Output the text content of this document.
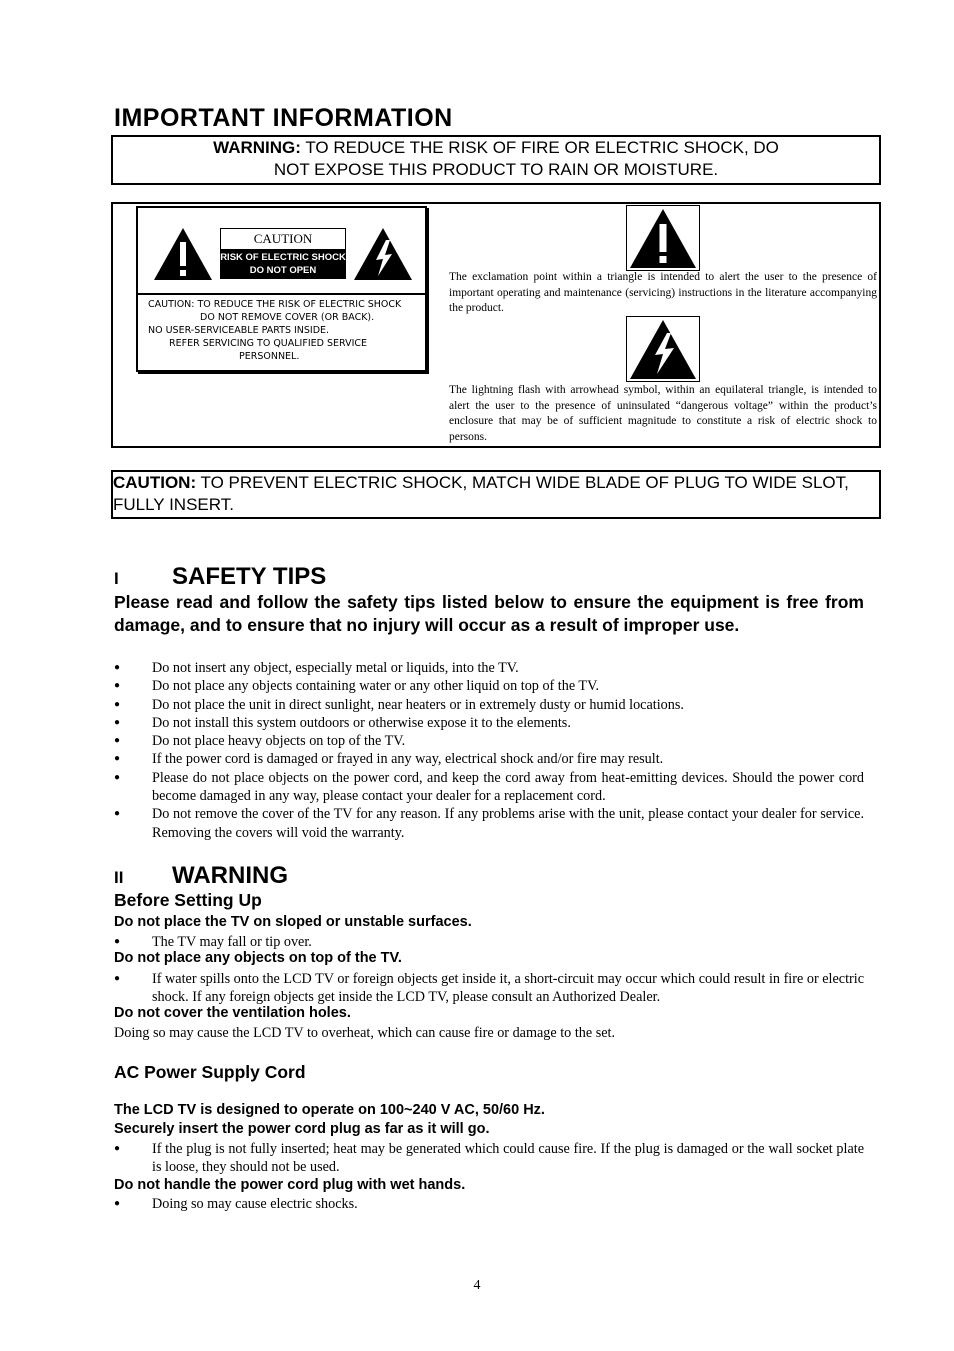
IMPORTANT INFORMATION
WARNING: TO REDUCE THE RISK OF FIRE OR ELECTRIC SHOCK, DO
NOT EXPOSE THIS PRODUCT TO RAIN OR MOISTURE.
CAUTION
RISK OF ELECTRIC SHOCK
DO NOT OPEN
CAUTION: TO REDUCE THE RISK OF ELECTRIC SHOCK
DO NOT REMOVE COVER (OR BACK).
NO USER-SERVICEABLE PARTS INSIDE.
REFER SERVICING TO QUALIFIED SERVICE
PERSONNEL.
The exclamation point within a triangle is intended to alert the user to the presence of important operating and maintenance (servicing) instructions in the literature accompanying the product.
The lightning flash with arrowhead symbol, within an equilateral triangle, is intended to alert the user to the presence of uninsulated “dangerous voltage” within the product’s enclosure that may be of sufficient magnitude to constitute a risk of electric shock to persons.
CAUTION: TO PREVENT ELECTRIC SHOCK, MATCH WIDE BLADE OF PLUG TO WIDE SLOT, FULLY INSERT.
I SAFETY TIPS
Please read and follow the safety tips listed below to ensure the equipment is free from damage, and to ensure that no injury will occur as a result of improper use.
● Do not insert any object, especially metal or liquids, into the TV.
● Do not place any objects containing water or any other liquid on top of the TV.
● Do not place the unit in direct sunlight, near heaters or in extremely dusty or humid locations.
● Do not install this system outdoors or otherwise expose it to the elements.
● Do not place heavy objects on top of the TV.
● If the power cord is damaged or frayed in any way, electrical shock and/or fire may result.
● Please do not place objects on the power cord, and keep the cord away from heat-emitting devices. Should the power cord become damaged in any way, please contact your dealer for a replacement cord.
● Do not remove the cover of the TV for any reason. If any problems arise with the unit, please contact your dealer for service. Removing the covers will void the warranty.
II WARNING
Before Setting Up
Do not place the TV on sloped or unstable surfaces.
● The TV may fall or tip over.
Do not place any objects on top of the TV.
● If water spills onto the LCD TV or foreign objects get inside it, a short-circuit may occur which could result in fire or electric shock. If any foreign objects get inside the LCD TV, please consult an Authorized Dealer.
Do not cover the ventilation holes.
Doing so may cause the LCD TV to overheat, which can cause fire or damage to the set.
AC Power Supply Cord
The LCD TV is designed to operate on 100~240 V AC, 50/60 Hz.
Securely insert the power cord plug as far as it will go.
● If the plug is not fully inserted; heat may be generated which could cause fire. If the plug is damaged or the wall socket plate is loose, they should not be used.
Do not handle the power cord plug with wet hands.
● Doing so may cause electric shocks.
4
